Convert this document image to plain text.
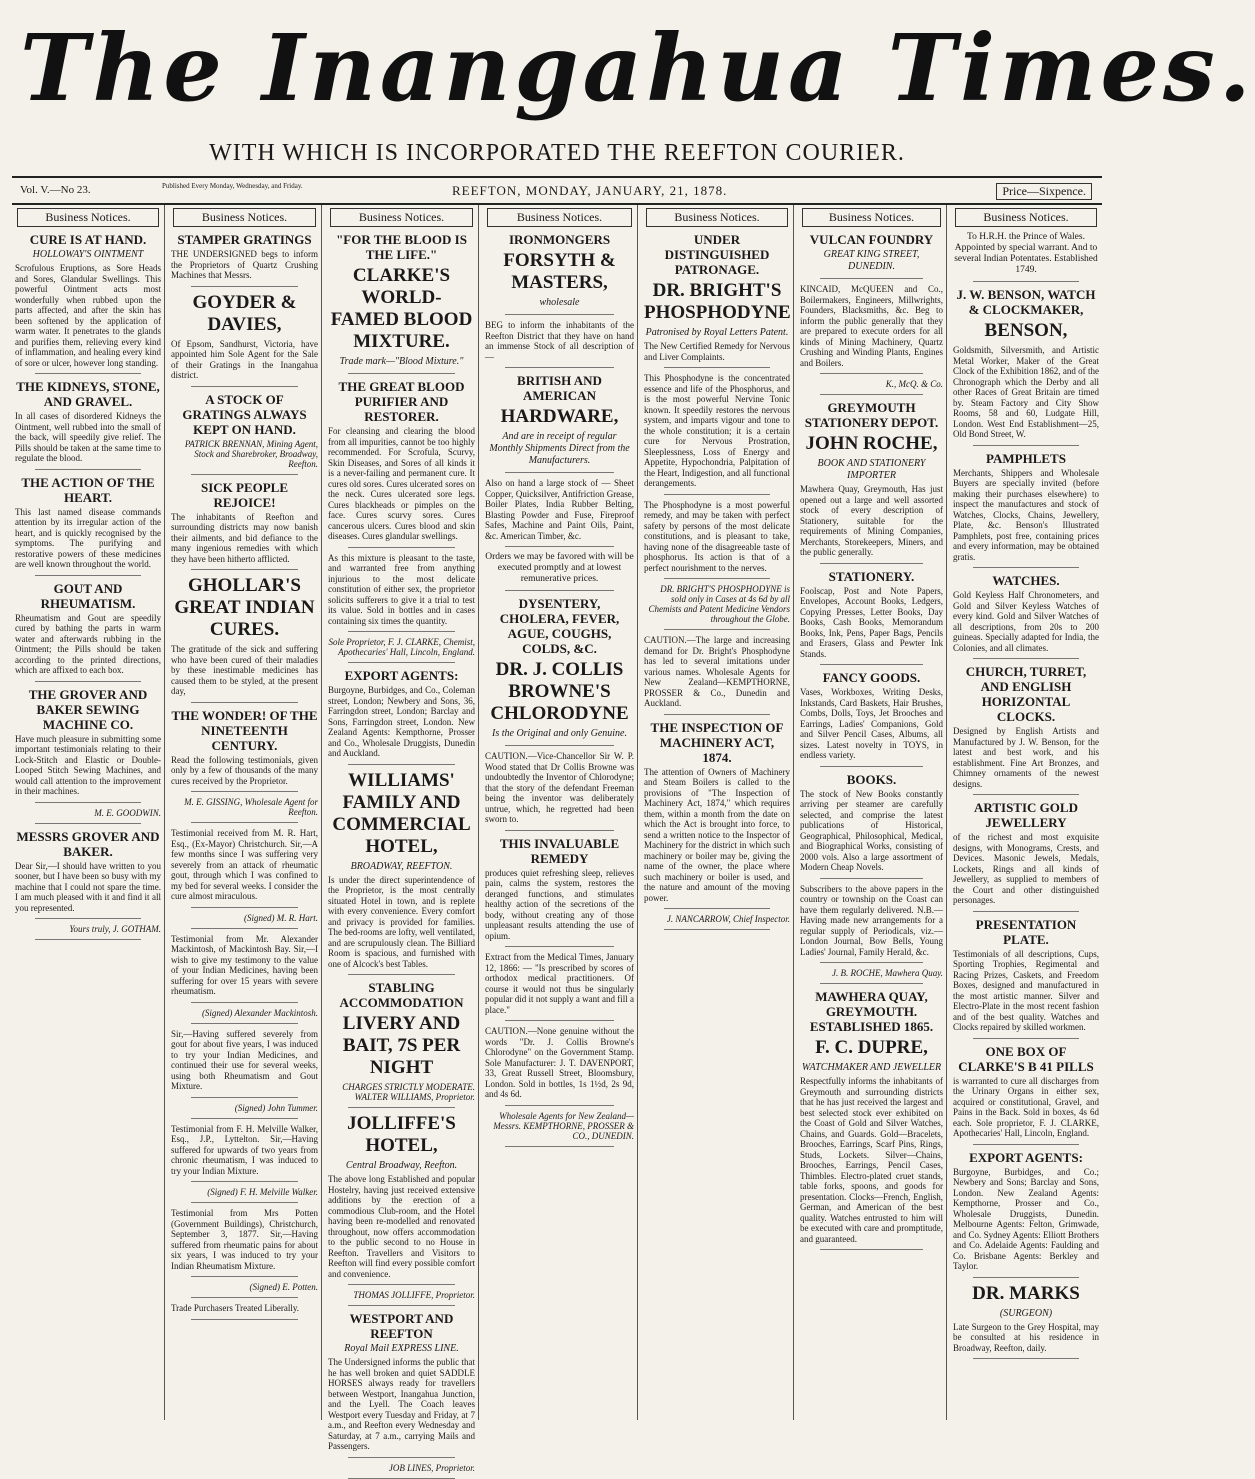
The Inangahua Times.
WITH WHICH IS INCORPORATED THE REEFTON COURIER.
Vol. V.—No 23.	Published Every Monday, Wednesday, and Friday.	REEFTON, MONDAY, JANUARY, 21, 1878.	Price—Sixpence.
Business Notices.
CURE IS AT HAND.
HOLLOWAY'S OINTMENT
Scrofulous Eruptions, as Sore Heads and Sores, Glandular Swellings. This powerful Ointment acts most wonderfully when rubbed upon the parts affected, and after the skin has been softened by the application of warm water. It penetrates to the glands and purifies them, relieving every kind of inflammation, and healing every kind of sore or ulcer, however long standing.
THE KIDNEYS, STONE, AND GRAVEL.
In all cases of disordered Kidneys the Ointment, well rubbed into the small of the back, will speedily give relief. The Pills should be taken at the same time to regulate the blood.
THE ACTION OF THE HEART.
This last named disease commands attention by its irregular action of the heart, and is quickly recognised by the symptoms. The purifying and restorative powers of these medicines are well known throughout the world.
GOUT AND RHEUMATISM.
Rheumatism and Gout are speedily cured by bathing the parts in warm water and afterwards rubbing in the Ointment; the Pills should be taken according to the printed directions, which are affixed to each box.
THE GROVER AND BAKER SEWING MACHINE CO.
Have much pleasure in submitting some important testimonials relating to their Lock-Stitch and Elastic or Double-Looped Stitch Sewing Machines, and would call attention to the improvement in their machines.
M. E. GOODWIN.
MESSRS GROVER AND BAKER.
Dear Sir,—I should have written to you sooner, but I have been so busy with my machine that I could not spare the time. I am much pleased with it and find it all you represented.
Yours truly, J. GOTHAM.
Business Notices.
STAMPER GRATINGS
THE UNDERSIGNED begs to inform the Proprietors of Quartz Crushing Machines that Messrs.
GOYDER & DAVIES,
Of Epsom, Sandhurst, Victoria, have appointed him Sole Agent for the Sale of their Gratings in the Inangahua district.
A STOCK OF GRATINGS ALWAYS KEPT ON HAND.
PATRICK BRENNAN, Mining Agent, Stock and Sharebroker, Broadway, Reefton.
SICK PEOPLE REJOICE!
The inhabitants of Reefton and surrounding districts may now banish their ailments, and bid defiance to the many ingenious remedies with which they have been hitherto afflicted.
GHOLLAR'S GREAT INDIAN CURES.
The gratitude of the sick and suffering who have been cured of their maladies by these inestimable medicines has caused them to be styled, at the present day,
THE WONDER! OF THE NINETEENTH CENTURY.
Read the following testimonials, given only by a few of thousands of the many cures received by the Proprietor.
M. E. GISSING, Wholesale Agent for Reefton.
Testimonial received from M. R. Hart, Esq., (Ex-Mayor) Christchurch. Sir,—A few months since I was suffering very severely from an attack of rheumatic gout, through which I was confined to my bed for several weeks. I consider the cure almost miraculous.
(Signed) M. R. Hart.
Testimonial from Mr. Alexander Mackintosh, of Mackintosh Bay. Sir,—I wish to give my testimony to the value of your Indian Medicines, having been suffering for over 15 years with severe rheumatism.
(Signed) Alexander Mackintosh.
Sir,—Having suffered severely from gout for about five years, I was induced to try your Indian Medicines, and continued their use for several weeks, using both Rheumatism and Gout Mixture.
(Signed) John Tummer.
Testimonial from F. H. Melville Walker, Esq., J.P., Lyttelton. Sir,—Having suffered for upwards of two years from chronic rheumatism, I was induced to try your Indian Mixture.
(Signed) F. H. Melville Walker.
Testimonial from Mrs Potten (Government Buildings), Christchurch, September 3, 1877. Sir,—Having suffered from rheumatic pains for about six years, I was induced to try your Indian Rheumatism Mixture.
(Signed) E. Potten.
Trade Purchasers Treated Liberally.
Business Notices.
"FOR THE BLOOD IS THE LIFE."
CLARKE'S WORLD-FAMED BLOOD MIXTURE.
Trade mark—"Blood Mixture."
THE GREAT BLOOD PURIFIER AND RESTORER.
For cleansing and clearing the blood from all impurities, cannot be too highly recommended. For Scrofula, Scurvy, Skin Diseases, and Sores of all kinds it is a never-failing and permanent cure. It cures old sores. Cures ulcerated sores on the neck. Cures ulcerated sore legs. Cures blackheads or pimples on the face. Cures scurvy sores. Cures cancerous ulcers. Cures blood and skin diseases. Cures glandular swellings.
As this mixture is pleasant to the taste, and warranted free from anything injurious to the most delicate constitution of either sex, the proprietor solicits sufferers to give it a trial to test its value. Sold in bottles and in cases containing six times the quantity.
Sole Proprietor, F. J. CLARKE, Chemist, Apothecaries' Hall, Lincoln, England.
EXPORT AGENTS:
Burgoyne, Burbidges, and Co., Coleman street, London; Newbery and Sons, 36, Farringdon street, London; Barclay and Sons, Farringdon street, London. New Zealand Agents: Kempthorne, Prosser and Co., Wholesale Druggists, Dunedin and Auckland.
WILLIAMS' FAMILY AND COMMERCIAL HOTEL,
BROADWAY, REEFTON.
Is under the direct superintendence of the Proprietor, is the most centrally situated Hotel in town, and is replete with every convenience. Every comfort and privacy is provided for families. The bed-rooms are lofty, well ventilated, and are scrupulously clean. The Billiard Room is spacious, and furnished with one of Alcock's best Tables.
STABLING ACCOMMODATION
LIVERY AND BAIT, 7S PER NIGHT
CHARGES STRICTLY MODERATE. WALTER WILLIAMS, Proprietor.
JOLLIFFE'S HOTEL,
Central Broadway, Reefton.
The above long Established and popular Hostelry, having just received extensive additions by the erection of a commodious Club-room, and the Hotel having been re-modelled and renovated throughout, now offers accommodation to the public second to no House in Reefton. Travellers and Visitors to Reefton will find every possible comfort and convenience.
THOMAS JOLLIFFE, Proprietor.
WESTPORT AND REEFTON
Royal Mail EXPRESS LINE.
The Undersigned informs the public that he has well broken and quiet SADDLE HORSES always ready for travellers between Westport, Inangahua Junction, and the Lyell. The Coach leaves Westport every Tuesday and Friday, at 7 a.m., and Reefton every Wednesday and Saturday, at 7 a.m., carrying Mails and Passengers.
JOB LINES, Proprietor.
Business Notices.
IRONMONGERS
FORSYTH & MASTERS,
wholesale
BEG to inform the inhabitants of the Reefton District that they have on hand an immense Stock of all description of —
BRITISH AND AMERICAN
HARDWARE,
And are in receipt of regular Monthly Shipments Direct from the Manufacturers.
Also on hand a large stock of — Sheet Copper, Quicksilver, Antifriction Grease, Boiler Plates, India Rubber Belting, Blasting Powder and Fuse, Fireproof Safes, Machine and Paint Oils, Paint, &c. American Timber, &c.
Orders we may be favored with will be executed promptly and at lowest remunerative prices.
DYSENTERY, CHOLERA, FEVER, AGUE, COUGHS, COLDS, &C.
DR. J. COLLIS BROWNE'S CHLORODYNE
Is the Original and only Genuine.
CAUTION.—Vice-Chancellor Sir W. P. Wood stated that Dr Collis Browne was undoubtedly the Inventor of Chlorodyne; that the story of the defendant Freeman being the inventor was deliberately untrue, which, he regretted had been sworn to.
THIS INVALUABLE REMEDY
produces quiet refreshing sleep, relieves pain, calms the system, restores the deranged functions, and stimulates healthy action of the secretions of the body, without creating any of those unpleasant results attending the use of opium.
Extract from the Medical Times, January 12, 1866: — "Is prescribed by scores of orthodox medical practitioners. Of course it would not thus be singularly popular did it not supply a want and fill a place."
CAUTION.—None genuine without the words "Dr. J. Collis Browne's Chlorodyne" on the Government Stamp. Sole Manufacturer: J. T. DAVENPORT, 33, Great Russell Street, Bloomsbury, London. Sold in bottles, 1s 1½d, 2s 9d, and 4s 6d.
Wholesale Agents for New Zealand—Messrs. KEMPTHORNE, PROSSER & CO., DUNEDIN.
Business Notices.
UNDER DISTINGUISHED PATRONAGE.
DR. BRIGHT'S PHOSPHODYNE
Patronised by Royal Letters Patent.
The New Certified Remedy for Nervous and Liver Complaints.
This Phosphodyne is the concentrated essence and life of the Phosphorus, and is the most powerful Nervine Tonic known. It speedily restores the nervous system, and imparts vigour and tone to the whole constitution; it is a certain cure for Nervous Prostration, Sleeplessness, Loss of Energy and Appetite, Hypochondria, Palpitation of the Heart, Indigestion, and all functional derangements.
The Phosphodyne is a most powerful remedy, and may be taken with perfect safety by persons of the most delicate constitutions, and is pleasant to take, having none of the disagreeable taste of phosphorus. Its action is that of a perfect nourishment to the nerves.
DR. BRIGHT'S PHOSPHODYNE is sold only in Cases at 4s 6d by all Chemists and Patent Medicine Vendors throughout the Globe.
CAUTION.—The large and increasing demand for Dr. Bright's Phosphodyne has led to several imitations under various names. Wholesale Agents for New Zealand—KEMPTHORNE, PROSSER & Co., Dunedin and Auckland.
THE INSPECTION OF MACHINERY ACT, 1874.
The attention of Owners of Machinery and Steam Boilers is called to the provisions of "The Inspection of Machinery Act, 1874," which requires them, within a month from the date on which the Act is brought into force, to send a written notice to the Inspector of Machinery for the district in which such machinery or boiler may be, giving the name of the owner, the place where such machinery or boiler is used, and the nature and amount of the moving power.
J. NANCARROW, Chief Inspector.
Business Notices.
VULCAN FOUNDRY
GREAT KING STREET, DUNEDIN.
KINCAID, McQUEEN and Co., Boilermakers, Engineers, Millwrights, Founders, Blacksmiths, &c. Beg to inform the public generally that they are prepared to execute orders for all kinds of Mining Machinery, Quartz Crushing and Winding Plants, Engines and Boilers.
K., McQ. & Co.
GREYMOUTH STATIONERY DEPOT.
JOHN ROCHE,
BOOK AND STATIONERY IMPORTER
Mawhera Quay, Greymouth, Has just opened out a large and well assorted stock of every description of Stationery, suitable for the requirements of Mining Companies, Merchants, Storekeepers, Miners, and the public generally.
STATIONERY.
Foolscap, Post and Note Papers, Envelopes, Account Books, Ledgers, Copying Presses, Letter Books, Day Books, Cash Books, Memorandum Books, Ink, Pens, Paper Bags, Pencils and Erasers, Glass and Pewter Ink Stands.
FANCY GOODS.
Vases, Workboxes, Writing Desks, Inkstands, Card Baskets, Hair Brushes, Combs, Dolls, Toys, Jet Brooches and Earrings, Ladies' Companions, Gold and Silver Pencil Cases, Albums, all sizes. Latest novelty in TOYS, in endless variety.
BOOKS.
The stock of New Books constantly arriving per steamer are carefully selected, and comprise the latest publications of Historical, Geographical, Philosophical, Medical, and Biographical Works, consisting of 2000 vols. Also a large assortment of Modern Cheap Novels.
Subscribers to the above papers in the country or township on the Coast can have them regularly delivered. N.B.—Having made new arrangements for a regular supply of Periodicals, viz.—London Journal, Bow Bells, Young Ladies' Journal, Family Herald, &c.
J. B. ROCHE, Mawhera Quay.
MAWHERA QUAY, GREYMOUTH. ESTABLISHED 1865.
F. C. DUPRE,
WATCHMAKER AND JEWELLER
Respectfully informs the inhabitants of Greymouth and surrounding districts that he has just received the largest and best selected stock ever exhibited on the Coast of Gold and Silver Watches, Chains, and Guards. Gold—Bracelets, Brooches, Earrings, Scarf Pins, Rings, Studs, Lockets. Silver—Chains, Brooches, Earrings, Pencil Cases, Thimbles. Electro-plated cruet stands, table forks, spoons, and goods for presentation. Clocks—French, English, German, and American of the best quality. Watches entrusted to him will be executed with care and promptitude, and guaranteed.
Business Notices.
To H.R.H. the Prince of Wales. Appointed by special warrant. And to several Indian Potentates. Established 1749.
J. W. BENSON, WATCH & CLOCKMAKER,
BENSON,
Goldsmith, Silversmith, and Artistic Metal Worker, Maker of the Great Clock of the Exhibition 1862, and of the Chronograph which the Derby and all other Races of Great Britain are timed by. Steam Factory and City Show Rooms, 58 and 60, Ludgate Hill, London. West End Establishment—25, Old Bond Street, W.
PAMPHLETS
Merchants, Shippers and Wholesale Buyers are specially invited (before making their purchases elsewhere) to inspect the manufactures and stock of Watches, Clocks, Chains, Jewellery, Plate, &c. Benson's Illustrated Pamphlets, post free, containing prices and every information, may be obtained gratis.
WATCHES.
Gold Keyless Half Chronometers, and Gold and Silver Keyless Watches of every kind. Gold and Silver Watches of all descriptions, from 20s to 200 guineas. Specially adapted for India, the Colonies, and all climates.
CHURCH, TURRET, AND ENGLISH HORIZONTAL CLOCKS.
Designed by English Artists and Manufactured by J. W. Benson, for the latest and best work, and his establishment. Fine Art Bronzes, and Chimney ornaments of the newest designs.
ARTISTIC GOLD JEWELLERY
of the richest and most exquisite designs, with Monograms, Crests, and Devices. Masonic Jewels, Medals, Lockets, Rings and all kinds of Jewellery, as supplied to members of the Court and other distinguished personages.
PRESENTATION PLATE.
Testimonials of all descriptions, Cups, Sporting Trophies, Regimental and Racing Prizes, Caskets, and Freedom Boxes, designed and manufactured in the most artistic manner. Silver and Electro-Plate in the most recent fashion and of the best quality. Watches and Clocks repaired by skilled workmen.
ONE BOX OF CLARKE'S B 41 PILLS
is warranted to cure all discharges from the Urinary Organs in either sex, acquired or constitutional, Gravel, and Pains in the Back. Sold in boxes, 4s 6d each. Sole proprietor, F. J. CLARKE, Apothecaries' Hall, Lincoln, England.
EXPORT AGENTS:
Burgoyne, Burbidges, and Co.; Newbery and Sons; Barclay and Sons, London. New Zealand Agents: Kempthorne, Prosser and Co., Wholesale Druggists, Dunedin. Melbourne Agents: Felton, Grimwade, and Co. Sydney Agents: Elliott Brothers and Co. Adelaide Agents: Faulding and Co. Brisbane Agents: Berkley and Taylor.
DR. MARKS
(SURGEON)
Late Surgeon to the Grey Hospital, may be consulted at his residence in Broadway, Reefton, daily.
